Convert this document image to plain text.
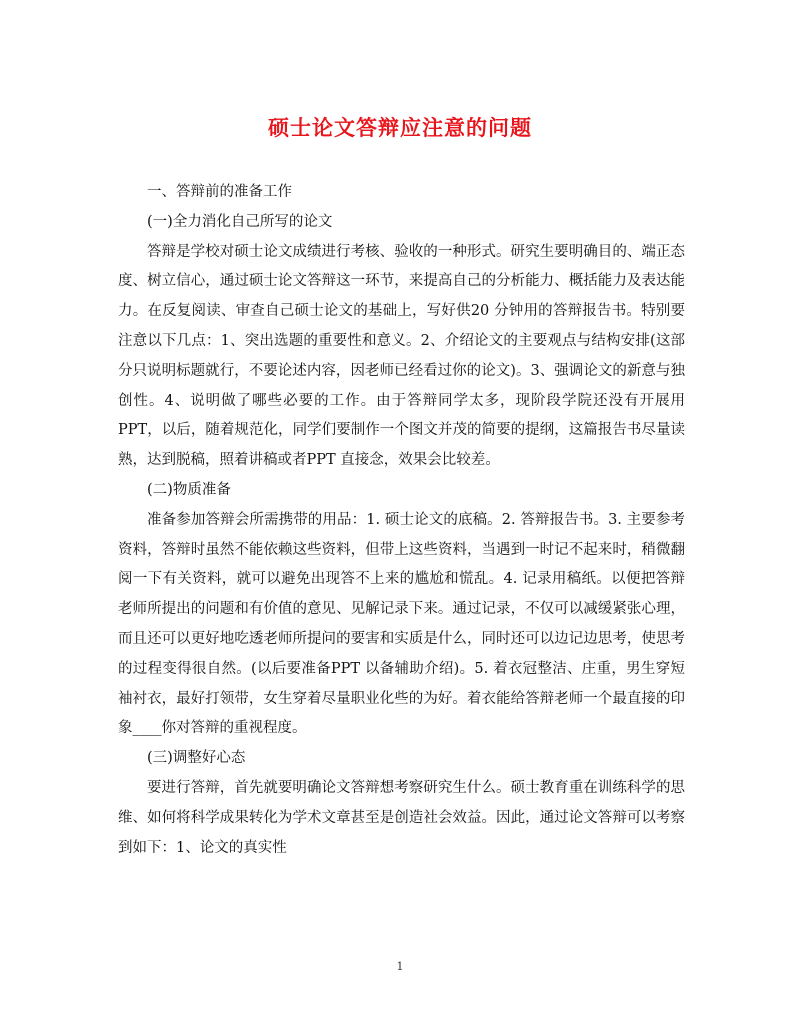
硕士论文答辩应注意的问题

一、答辩前的准备工作

(一)全力消化自己所写的论文

答辩是学校对硕士论文成绩进行考核、验收的一种形式。研究生要明确目的、端正态度、树立信心，通过硕士论文答辩这一环节，来提高自己的分析能力、概括能力及表达能力。在反复阅读、审查自己硕士论文的基础上，写好供20 分钟用的答辩报告书。特别要注意以下几点：1、突出选题的重要性和意义。2、介绍论文的主要观点与结构安排(这部分只说明标题就行，不要论述内容，因老师已经看过你的论文)。3、强调论文的新意与独创性。4、说明做了哪些必要的工作。由于答辩同学太多，现阶段学院还没有开展用PPT，以后，随着规范化，同学们要制作一个图文并茂的简要的提纲，这篇报告书尽量读熟，达到脱稿，照着讲稿或者PPT 直接念，效果会比较差。

(二)物质准备

准备参加答辩会所需携带的用品：1. 硕士论文的底稿。2. 答辩报告书。3. 主要参考资料，答辩时虽然不能依赖这些资料，但带上这些资料，当遇到一时记不起来时，稍微翻阅一下有关资料，就可以避免出现答不上来的尴尬和慌乱。4. 记录用稿纸。以便把答辩老师所提出的问题和有价值的意见、见解记录下来。通过记录，不仅可以减缓紧张心理，而且还可以更好地吃透老师所提问的要害和实质是什么，同时还可以边记边思考，使思考的过程变得很自然。(以后要准备PPT 以备辅助介绍)。5. 着衣冠整洁、庄重，男生穿短袖衬衣，最好打领带，女生穿着尽量职业化些的为好。着衣能给答辩老师一个最直接的印象____你对答辩的重视程度。

(三)调整好心态

要进行答辩，首先就要明确论文答辩想考察研究生什么。硕士教育重在训练科学的思维、如何将科学成果转化为学术文章甚至是创造社会效益。因此，通过论文答辩可以考察到如下：1、论文的真实性

1
